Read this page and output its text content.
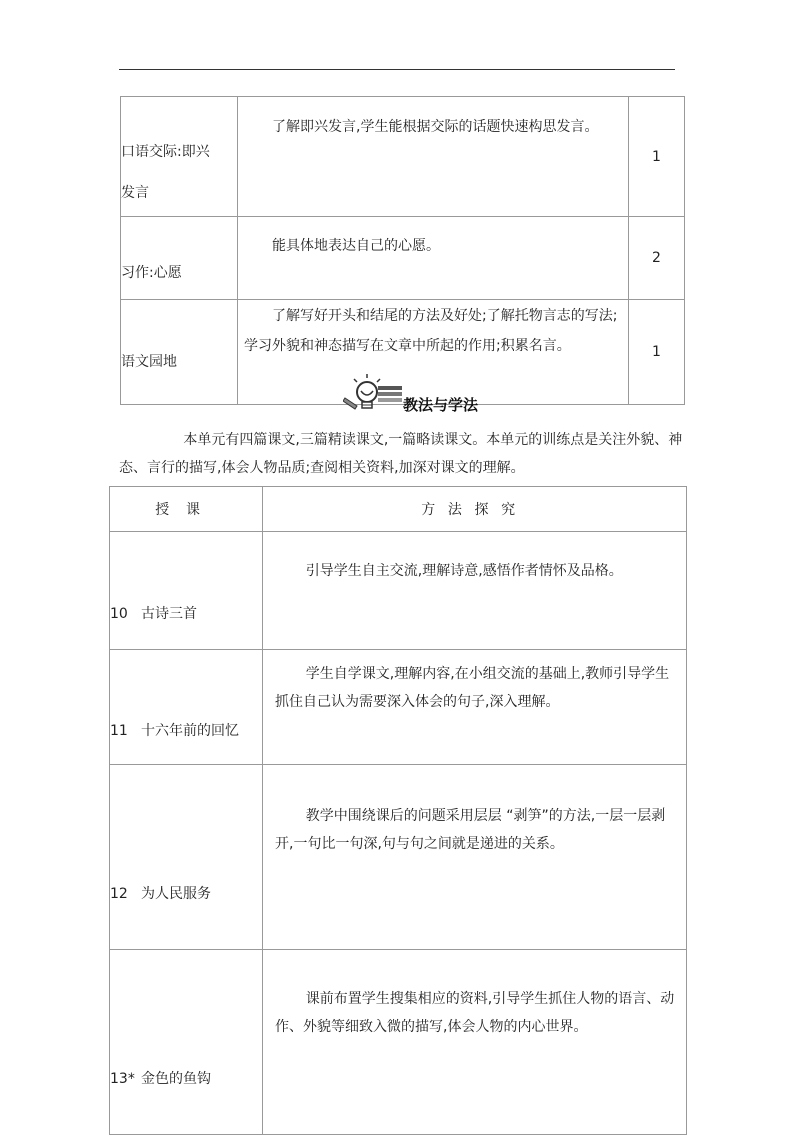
口语交际:即兴
发言	了解即兴发言,学生能根据交际的话题快速构思发言。	1

习作:心愿	能具体地表达自己的心愿。	2

语文园地	了解写好开头和结尾的方法及好处;了解托物言志的写法;学习外貌和神态描写在文章中所起的作用;积累名言。	1
教法与学法
本单元有四篇课文,三篇精读课文,一篇略读课文。本单元的训练点是关注外貌、神态、言行的描写,体会人物品质;查阅相关资料,加深对课文的理解。
授课	方法探究
10 古诗三首	引导学生自主交流,理解诗意,感悟作者情怀及品格。

11 十六年前的回忆	学生自学课文,理解内容,在小组交流的基础上,教师引导学生抓住自己认为需要深入体会的句子,深入理解。

12 为人民服务	教学中围绕课后的问题采用层层 “剥笋”的方法,一层一层剥开,一句比一句深,句与句之间就是递进的关系。

13* 金色的鱼钩	课前布置学生搜集相应的资料,引导学生抓住人物的语言、动作、外貌等细致入微的描写,体会人物的内心世界。
